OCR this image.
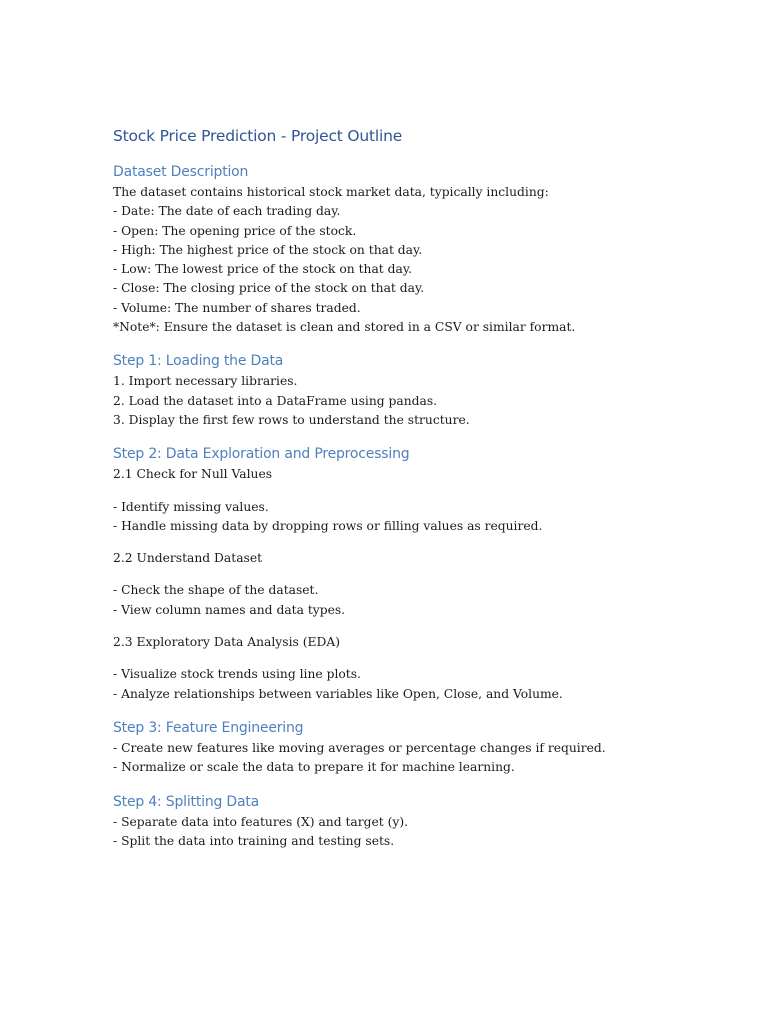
Stock Price Prediction - Project Outline
Dataset Description
The dataset contains historical stock market data, typically including:
- Date: The date of each trading day.
- Open: The opening price of the stock.
- High: The highest price of the stock on that day.
- Low: The lowest price of the stock on that day.
- Close: The closing price of the stock on that day.
- Volume: The number of shares traded.
*Note*: Ensure the dataset is clean and stored in a CSV or similar format.
Step 1: Loading the Data
1. Import necessary libraries.
2. Load the dataset into a DataFrame using pandas.
3. Display the first few rows to understand the structure.
Step 2: Data Exploration and Preprocessing
2.1 Check for Null Values
- Identify missing values.
- Handle missing data by dropping rows or filling values as required.
2.2 Understand Dataset
- Check the shape of the dataset.
- View column names and data types.
2.3 Exploratory Data Analysis (EDA)
- Visualize stock trends using line plots.
- Analyze relationships between variables like Open, Close, and Volume.
Step 3: Feature Engineering
- Create new features like moving averages or percentage changes if required.
- Normalize or scale the data to prepare it for machine learning.
Step 4: Splitting Data
- Separate data into features (X) and target (y).
- Split the data into training and testing sets.
